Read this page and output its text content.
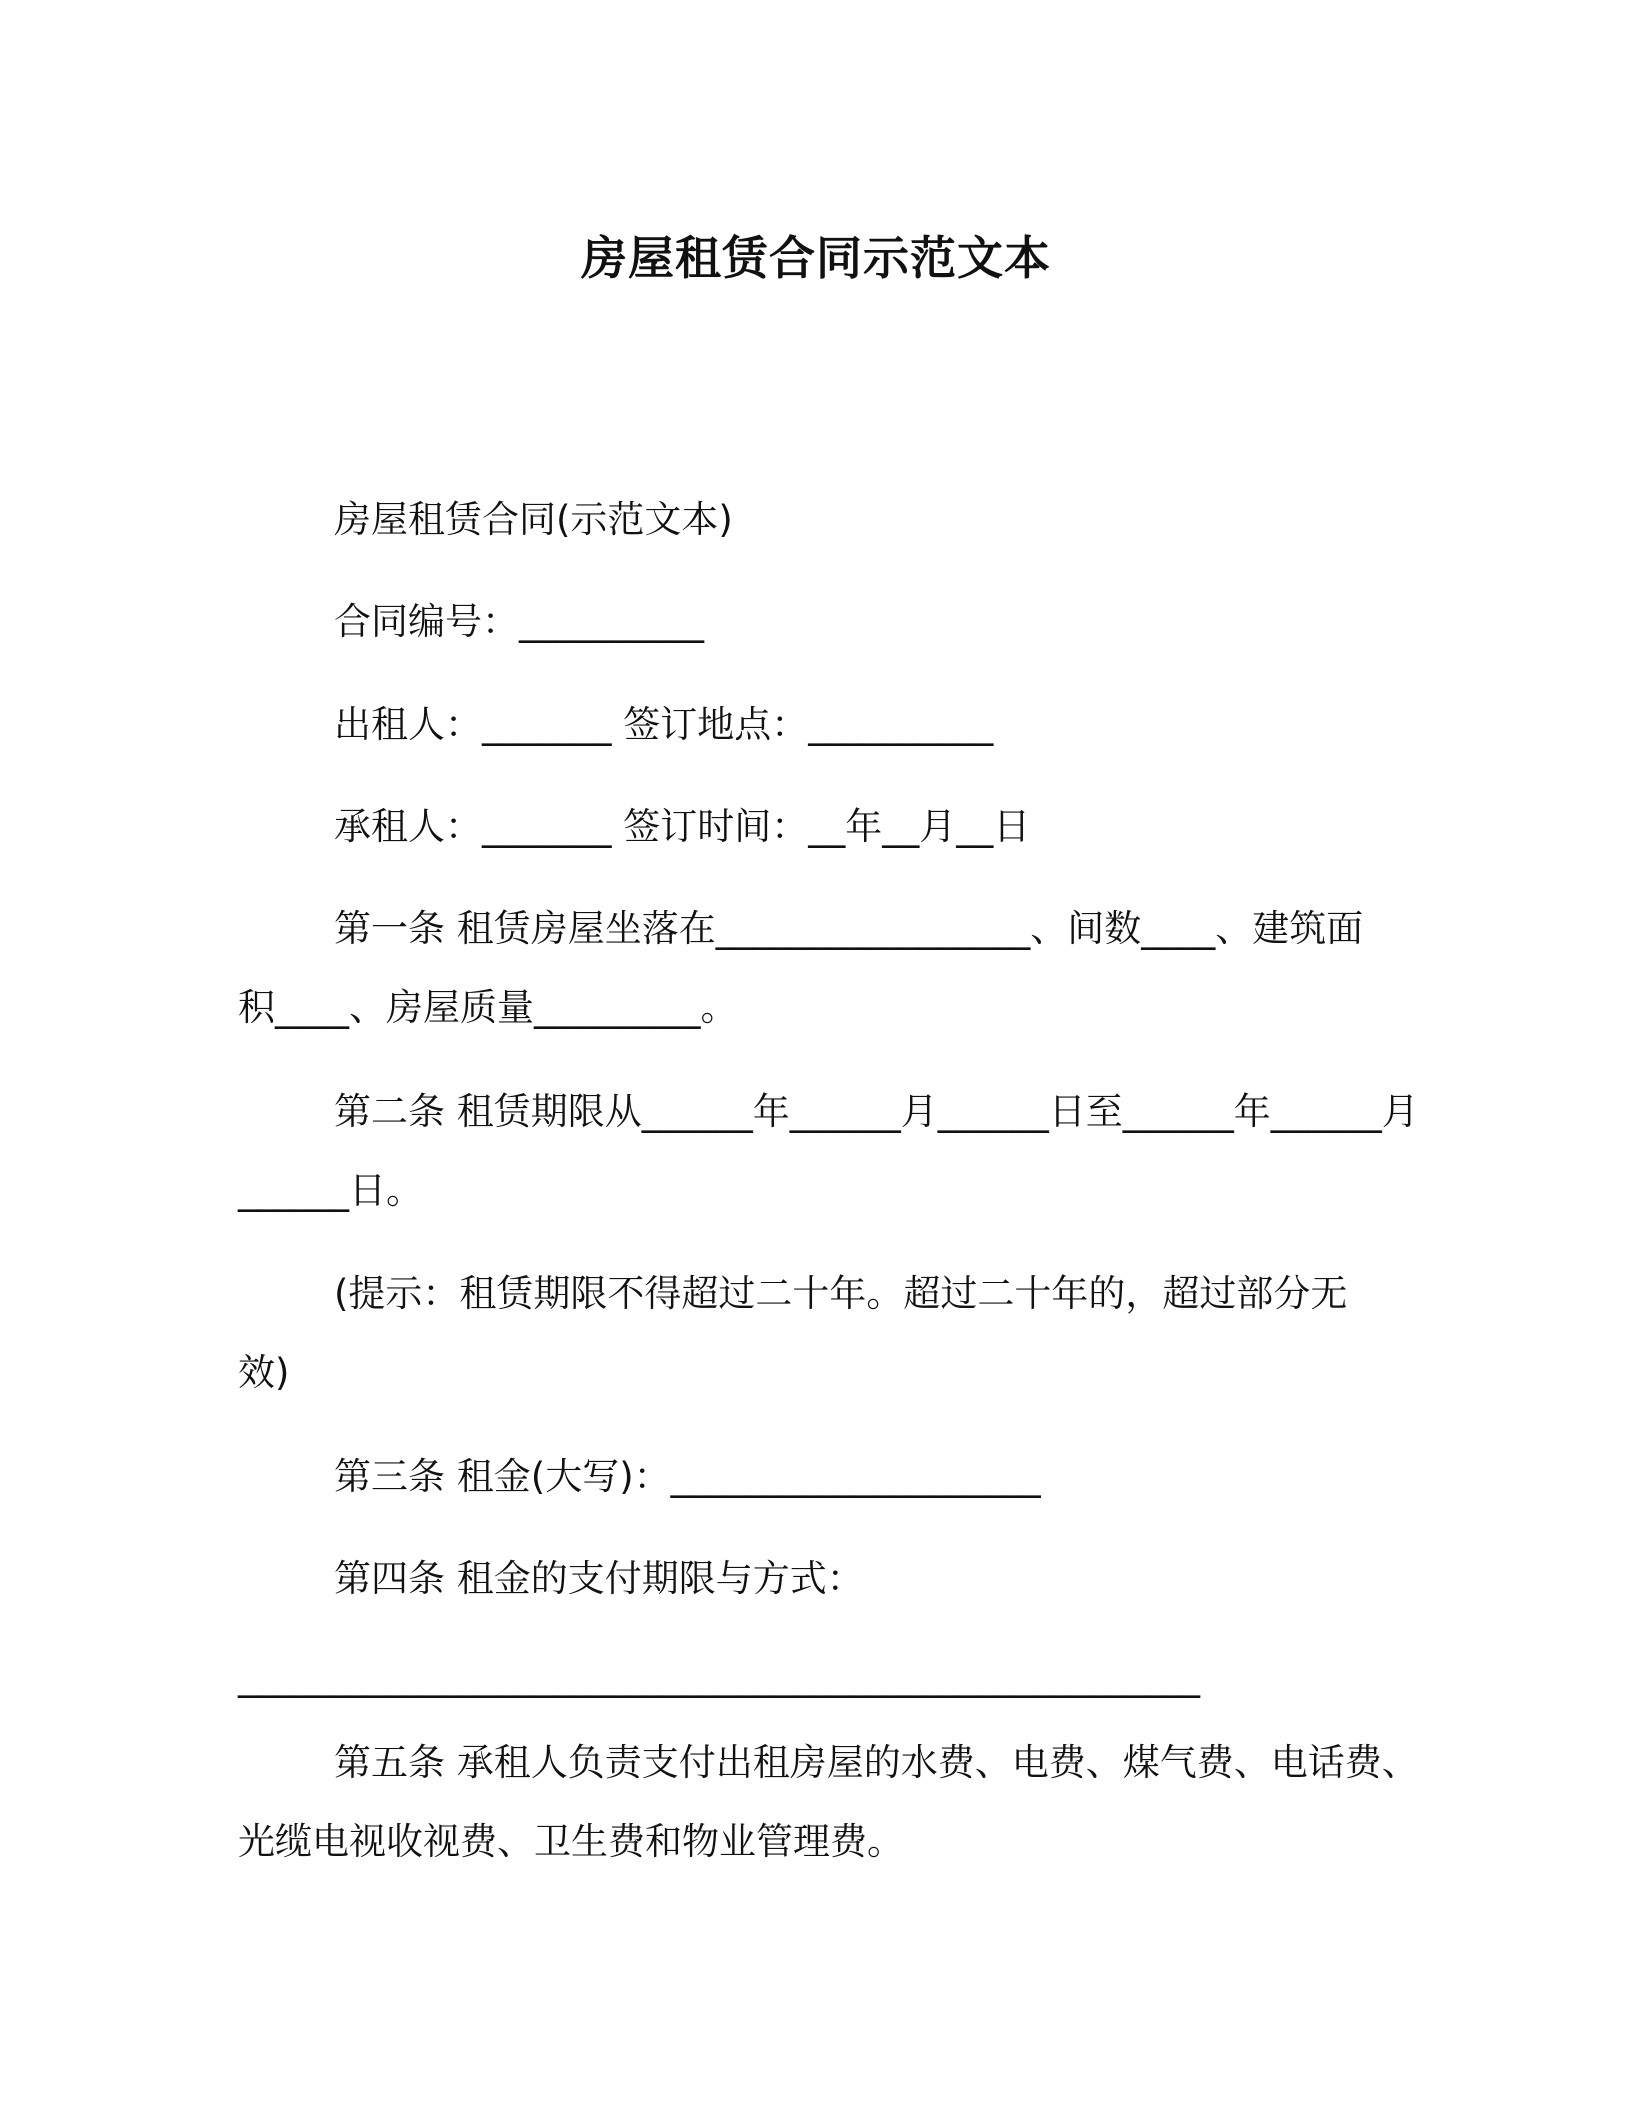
房屋租赁合同示范文本
房屋租赁合同(示范文本)
合同编号：__________
出租人：_______ 签订地点：__________
承租人：_______ 签订时间：__年__月__日
第一条 租赁房屋坐落在_________________、间数____、建筑面
积____、房屋质量_________。
第二条 租赁期限从______年______月______日至______年______月
______日。
(提示：租赁期限不得超过二十年。超过二十年的，超过部分无
效)
第三条 租金(大写)：____________________
第四条 租金的支付期限与方式：
____________________________________________________
第五条 承租人负责支付出租房屋的水费、电费、煤气费、电话费、
光缆电视收视费、卫生费和物业管理费。
